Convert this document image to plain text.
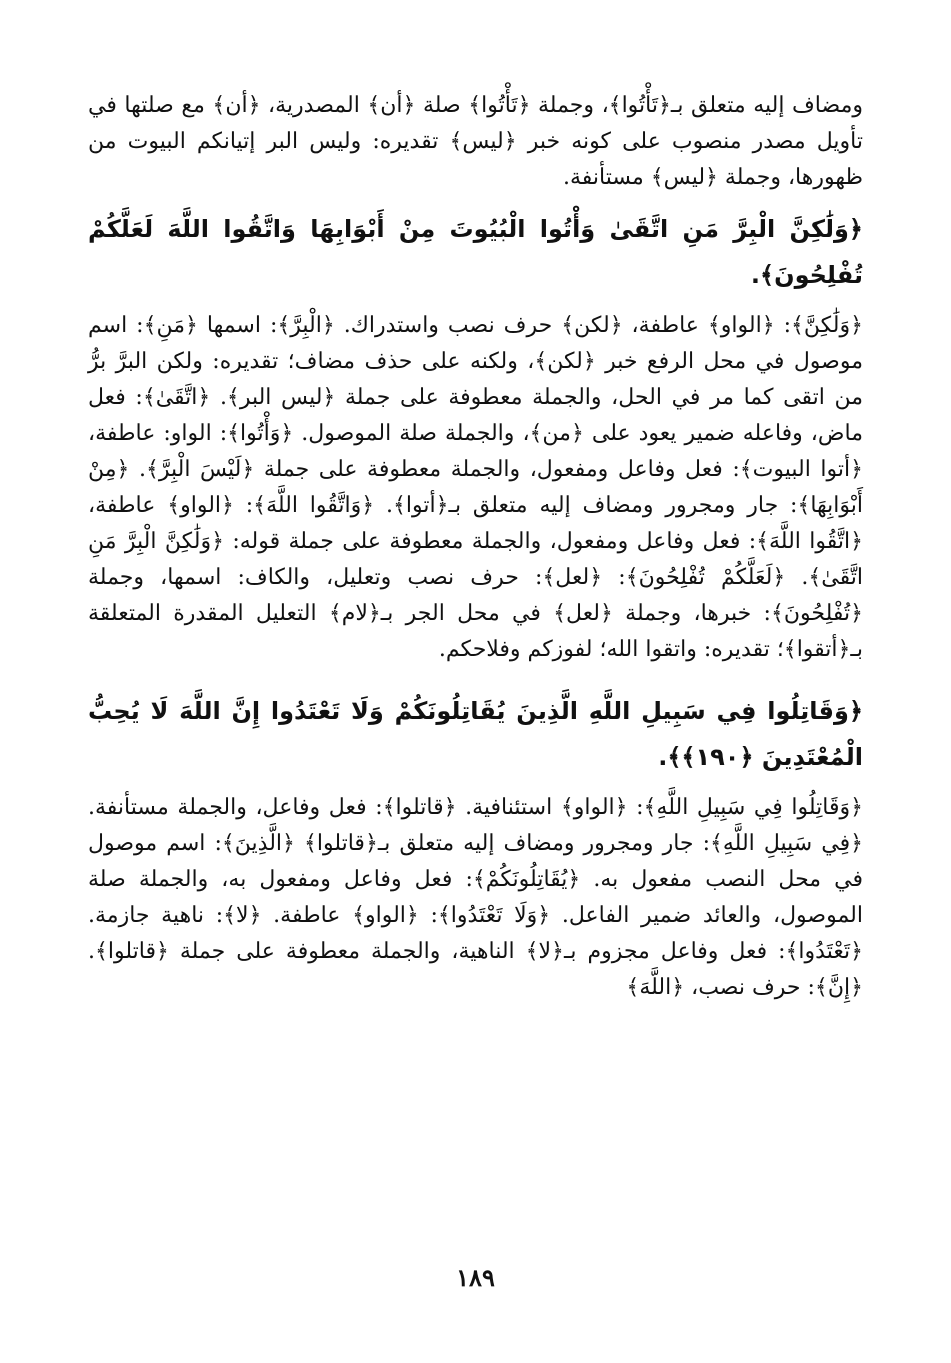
ومضاف إليه متعلق بـ﴿تَأْتُوا﴾، وجملة ﴿تَأْتُوا﴾ صلة ﴿أن﴾ المصدرية، ﴿أن﴾ مع صلتها في تأويل مصدر منصوب على كونه خبر ﴿ليس﴾ تقديره: وليس البر إتيانكم البيوت من ظهورها، وجملة ﴿ليس﴾ مستأنفة.

﴿وَلَٰكِنَّ الْبِرَّ مَنِ اتَّقَىٰ وَأْتُوا الْبُيُوتَ مِنْ أَبْوَابِهَا وَاتَّقُوا اللَّهَ لَعَلَّكُمْ تُفْلِحُونَ﴾.

﴿وَلَٰكِنَّ﴾: ﴿الواو﴾ عاطفة، ﴿لكن﴾ حرف نصب واستدراك. ﴿الْبِرَّ﴾: اسمها ﴿مَنِ﴾: اسم موصول في محل الرفع خبر ﴿لكن﴾، ولكنه على حذف مضاف؛ تقديره: ولكن البرَّ برُّ من اتقى كما مر في الحل، والجملة معطوفة على جملة ﴿ليس البر﴾. ﴿اتَّقَىٰ﴾: فعل ماض، وفاعله ضمير يعود على ﴿من﴾، والجملة صلة الموصول. ﴿وَأْتُوا﴾: الواو: عاطفة، ﴿أتوا البيوت﴾: فعل وفاعل ومفعول، والجملة معطوفة على جملة ﴿لَيْسَ الْبِرَّ﴾. ﴿مِنْ أَبْوَابِهَا﴾: جار ومجرور ومضاف إليه متعلق بـ﴿أتوا﴾. ﴿وَاتَّقُوا اللَّهَ﴾: ﴿الواو﴾ عاطفة، ﴿اتَّقُوا اللَّهَ﴾: فعل وفاعل ومفعول، والجملة معطوفة على جملة قوله: ﴿وَلَٰكِنَّ الْبِرَّ مَنِ اتَّقَىٰ﴾. ﴿لَعَلَّكُمْ تُفْلِحُونَ﴾: ﴿لعل﴾: حرف نصب وتعليل، والكاف: اسمها، وجملة ﴿تُفْلِحُونَ﴾: خبرها، وجملة ﴿لعل﴾ في محل الجر بـ﴿لام﴾ التعليل المقدرة المتعلقة بـ﴿أتقوا﴾؛ تقديره: واتقوا الله؛ لفوزكم وفلاحكم.

﴿وَقَاتِلُوا فِي سَبِيلِ اللَّهِ الَّذِينَ يُقَاتِلُونَكُمْ وَلَا تَعْتَدُوا إِنَّ اللَّهَ لَا يُحِبُّ الْمُعْتَدِينَ ﴿١٩٠﴾﴾.

﴿وَقَاتِلُوا فِي سَبِيلِ اللَّهِ﴾: ﴿الواو﴾ استئنافية. ﴿قاتلوا﴾: فعل وفاعل، والجملة مستأنفة. ﴿فِي سَبِيلِ اللَّهِ﴾: جار ومجرور ومضاف إليه متعلق بـ﴿قاتلوا﴾ ﴿الَّذِينَ﴾: اسم موصول في محل النصب مفعول به. ﴿يُقَاتِلُونَكُمْ﴾: فعل وفاعل ومفعول به، والجملة صلة الموصول، والعائد ضمير الفاعل. ﴿وَلَا تَعْتَدُوا﴾: ﴿الواو﴾ عاطفة. ﴿لا﴾: ناهية جازمة. ﴿تَعْتَدُوا﴾: فعل وفاعل مجزوم بـ﴿لا﴾ الناهية، والجملة معطوفة على جملة ﴿قاتلوا﴾. ﴿إِنَّ﴾: حرف نصب، ﴿اللَّهَ﴾

١٨٩
